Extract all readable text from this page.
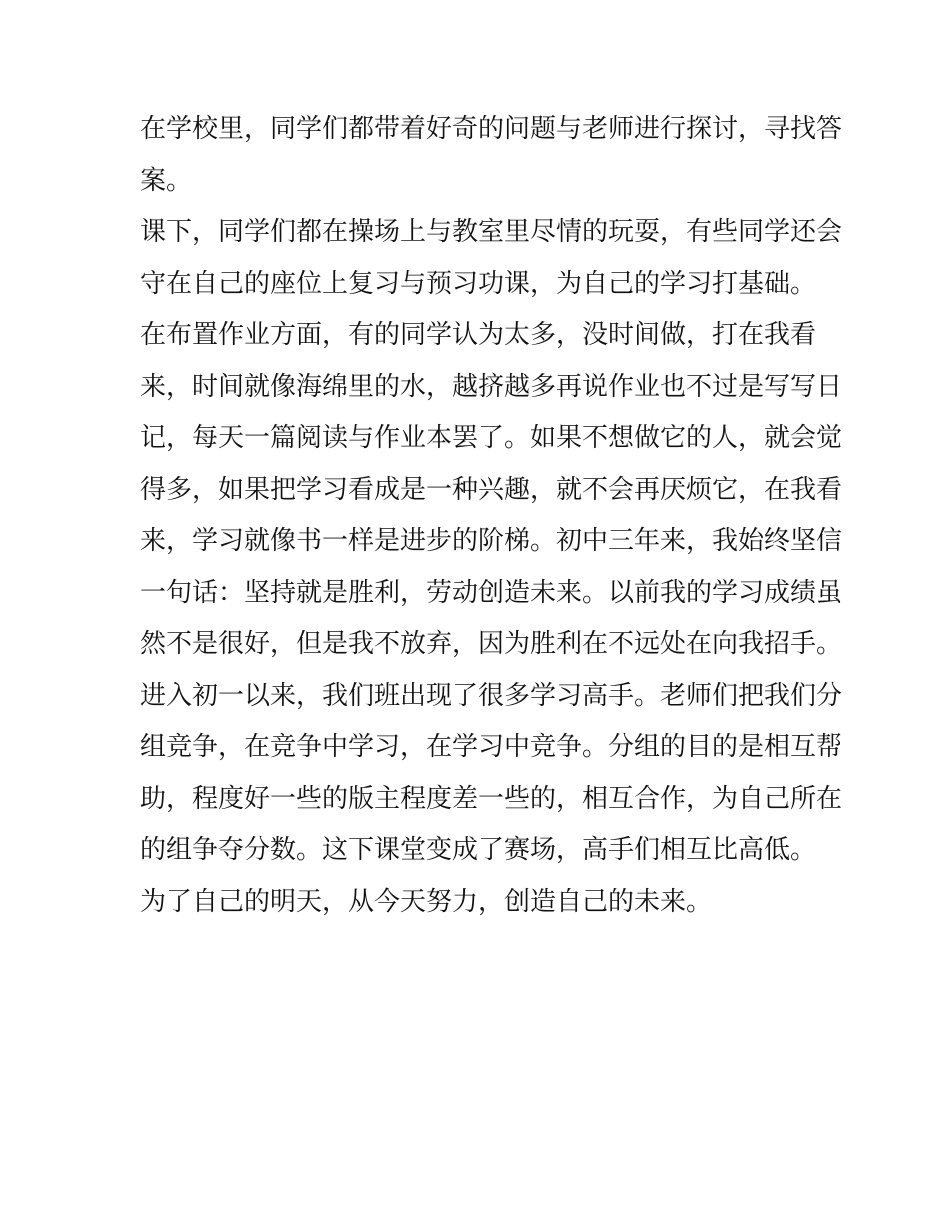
在学校里，同学们都带着好奇的问题与老师进行探讨，寻找答
案。

课下，同学们都在操场上与教室里尽情的玩耍，有些同学还会
守在自己的座位上复习与预习功课，为自己的学习打基础。

在布置作业方面，有的同学认为太多，没时间做，打在我看
来，时间就像海绵里的水，越挤越多再说作业也不过是写写日
记，每天一篇阅读与作业本罢了。如果不想做它的人，就会觉
得多，如果把学习看成是一种兴趣，就不会再厌烦它，在我看
来，学习就像书一样是进步的阶梯。初中三年来，我始终坚信
一句话：坚持就是胜利，劳动创造未来。以前我的学习成绩虽
然不是很好，但是我不放弃，因为胜利在不远处在向我招手。

进入初一以来，我们班出现了很多学习高手。老师们把我们分
组竞争，在竞争中学习，在学习中竞争。分组的目的是相互帮
助，程度好一些的版主程度差一些的，相互合作，为自己所在
的组争夺分数。这下课堂变成了赛场，高手们相互比高低。

为了自己的明天，从今天努力，创造自己的未来。
